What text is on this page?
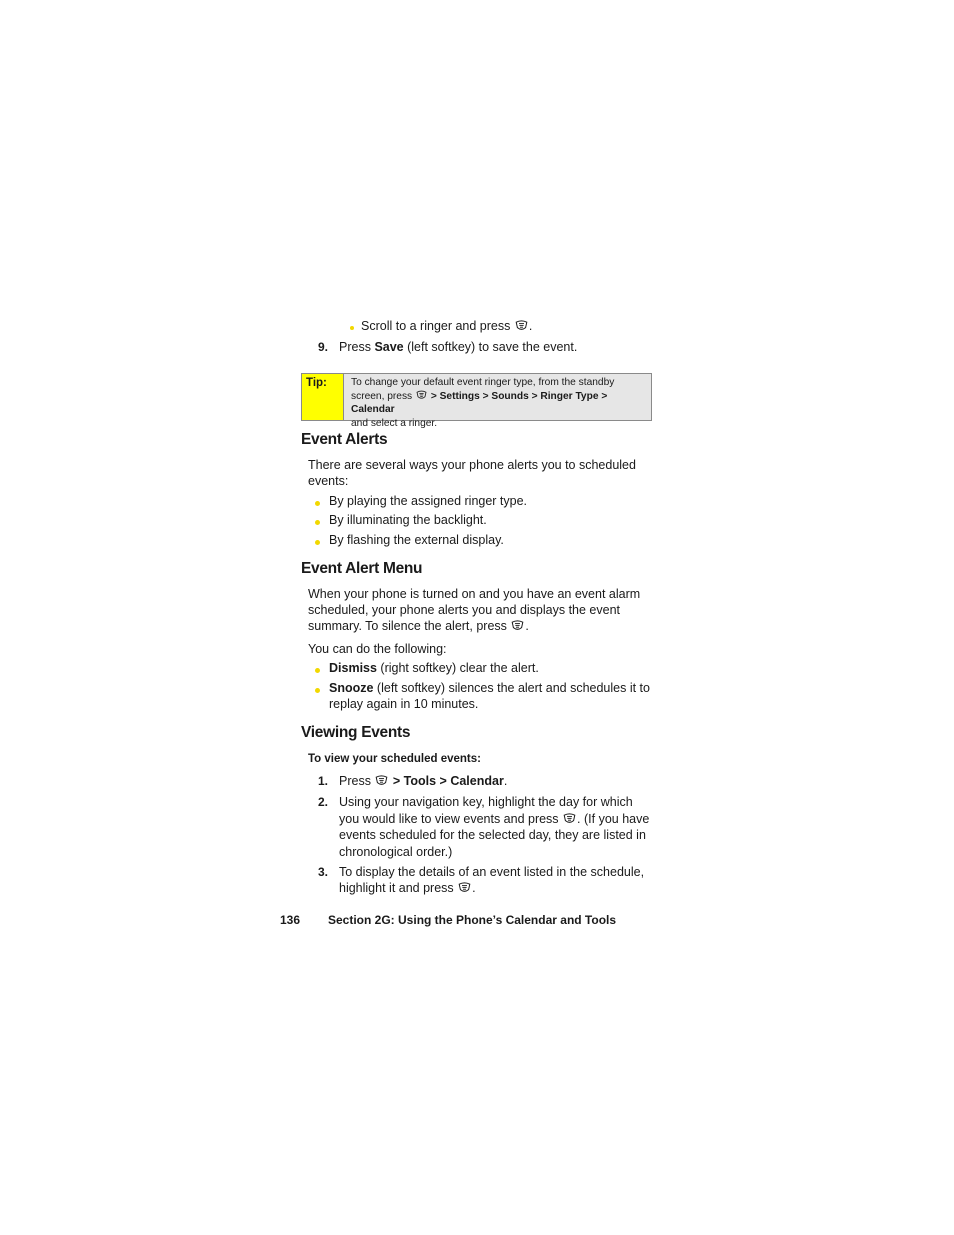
Scroll to a ringer and press .
9. Press Save (left softkey) to save the event.
Tip:	To change your default event ringer type, from the standby
screen, press
> Settings > Sounds > Ringer Type > Calendar
and select a ringer.
Event Alerts
There are several ways your phone alerts you to scheduled
events:
By playing the assigned ringer type.
By illuminating the backlight.
By flashing the external display.
Event Alert Menu
When your phone is turned on and you have an event alarm
scheduled, your phone alerts you and displays the event
summary. To silence the alert, press .
You can do the following:
Dismiss (right softkey) clear the alert.
Snooze (left softkey) silences the alert and schedules it to
replay again in 10 minutes.
Viewing Events
To view your scheduled events:
1. Press
> Tools > Calendar.
2. Using your navigation key, highlight the day for which
you would like to view events and press . (If you have
events scheduled for the selected day, they are listed in
chronological order.)
3. To display the details of an event listed in the schedule,
highlight it and press .
136 Section 2G: Using the Phone’s Calendar and Tools
